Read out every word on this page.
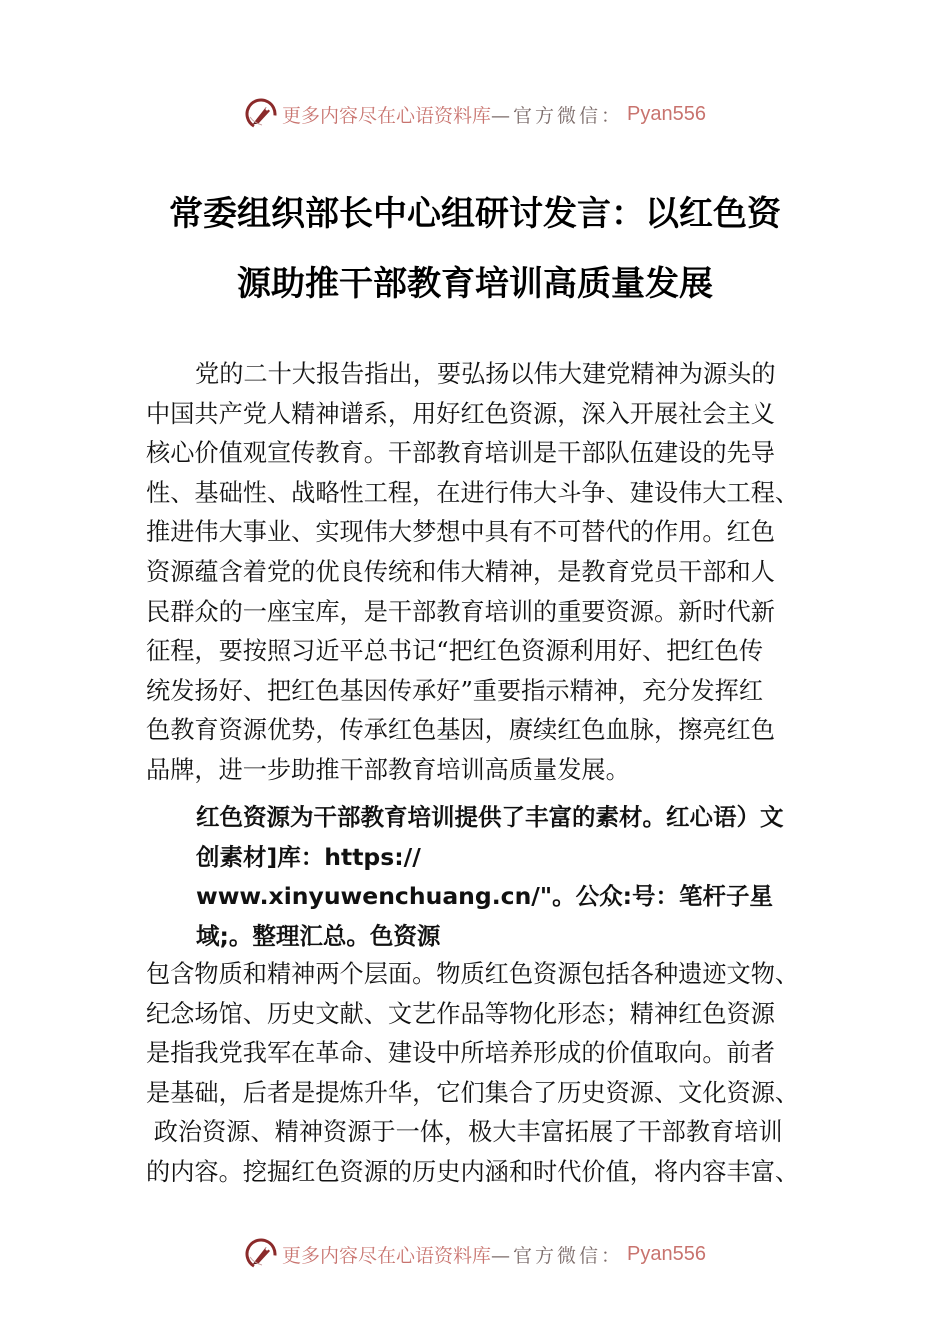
更多内容尽在心语资料库 —官方微信： Pyan556
常委组织部长中心组研讨发言：以红色资
源助推干部教育培训高质量发展
党的二十大报告指出，要弘扬以伟大建党精神为源头的
中国共产党人精神谱系，用好红色资源，深入开展社会主义
核心价值观宣传教育。干部教育培训是干部队伍建设的先导
性、基础性、战略性工程，在进行伟大斗争、建设伟大工程、
推进伟大事业、实现伟大梦想中具有不可替代的作用。红色
资源蕴含着党的优良传统和伟大精神，是教育党员干部和人
民群众的一座宝库，是干部教育培训的重要资源。新时代新
征程，要按照习近平总书记“把红色资源利用好、把红色传
统发扬好、把红色基因传承好”重要指示精神，充分发挥红
色教育资源优势，传承红色基因，赓续红色血脉，擦亮红色
品牌，进一步助推干部教育培训高质量发展。
红色资源为干部教育培训提供了丰富的素材。红心语）文
创素材]库：https://
www.xinyuwenchuang.cn/"。公众:号：笔杆子星
域;。整理汇总。色资源
包含物质和精神两个层面。物质红色资源包括各种遗迹文物、
纪念场馆、历史文献、文艺作品等物化形态；精神红色资源
是指我党我军在革命、建设中所培养形成的价值取向。前者
是基础，后者是提炼升华，它们集合了历史资源、文化资源、
政治资源、精神资源于一体，极大丰富拓展了干部教育培训
的内容。挖掘红色资源的历史内涵和时代价值，将内容丰富、
更多内容尽在心语资料库 —官方微信： Pyan556
